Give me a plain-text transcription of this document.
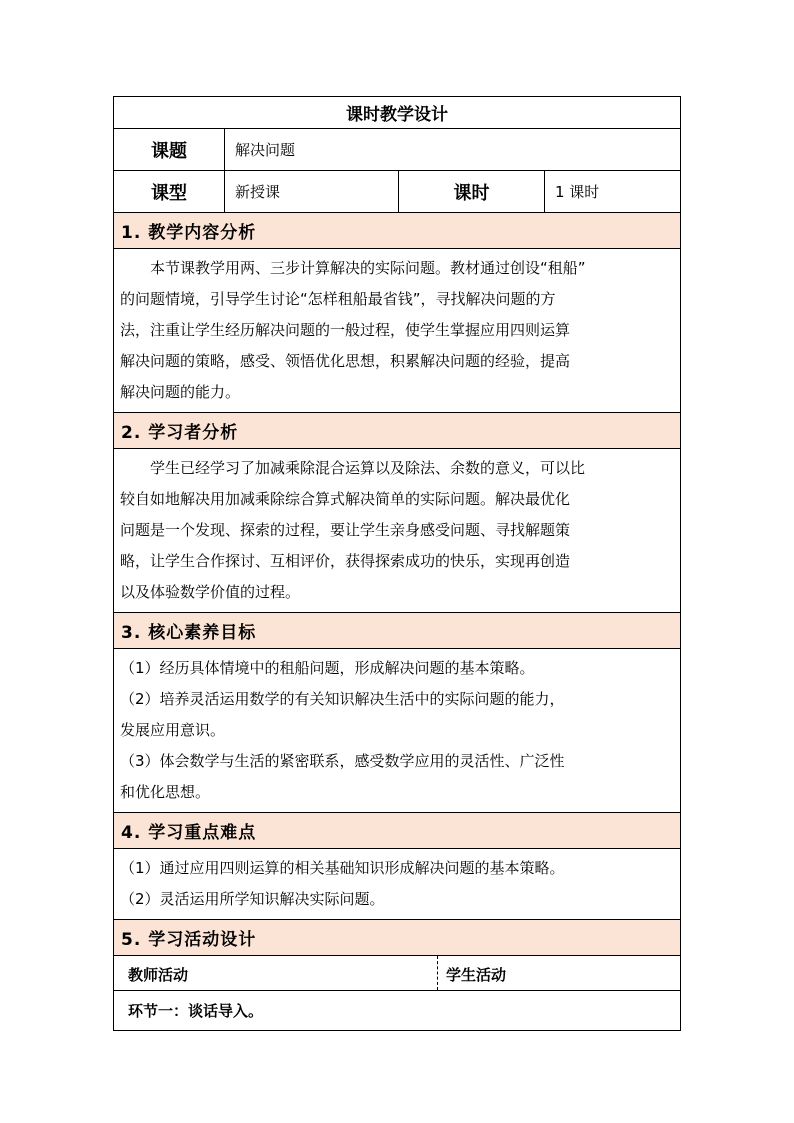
课时教学设计
课题	解决问题
课型	新授课	课时	1 课时
1. 教学内容分析
本节课教学用两、三步计算解决的实际问题。教材通过创设“租船”
的问题情境，引导学生讨论“怎样租船最省钱”，寻找解决问题的方
法，注重让学生经历解决问题的一般过程，使学生掌握应用四则运算
解决问题的策略，感受、领悟优化思想，积累解决问题的经验，提高
解决问题的能力。
2. 学习者分析
学生已经学习了加减乘除混合运算以及除法、余数的意义，可以比
较自如地解决用加减乘除综合算式解决简单的实际问题。解决最优化
问题是一个发现、探索的过程，要让学生亲身感受问题、寻找解题策
略，让学生合作探讨、互相评价，获得探索成功的快乐，实现再创造
以及体验数学价值的过程。
3. 核心素养目标
（1）经历具体情境中的租船问题，形成解决问题的基本策略。
（2）培养灵活运用数学的有关知识解决生活中的实际问题的能力，
发展应用意识。
（3）体会数学与生活的紧密联系，感受数学应用的灵活性、广泛性
和优化思想。
4. 学习重点难点
（1）通过应用四则运算的相关基础知识形成解决问题的基本策略。
（2）灵活运用所学知识解决实际问题。
5. 学习活动设计
教师活动	学生活动
环节一：谈话导入。
